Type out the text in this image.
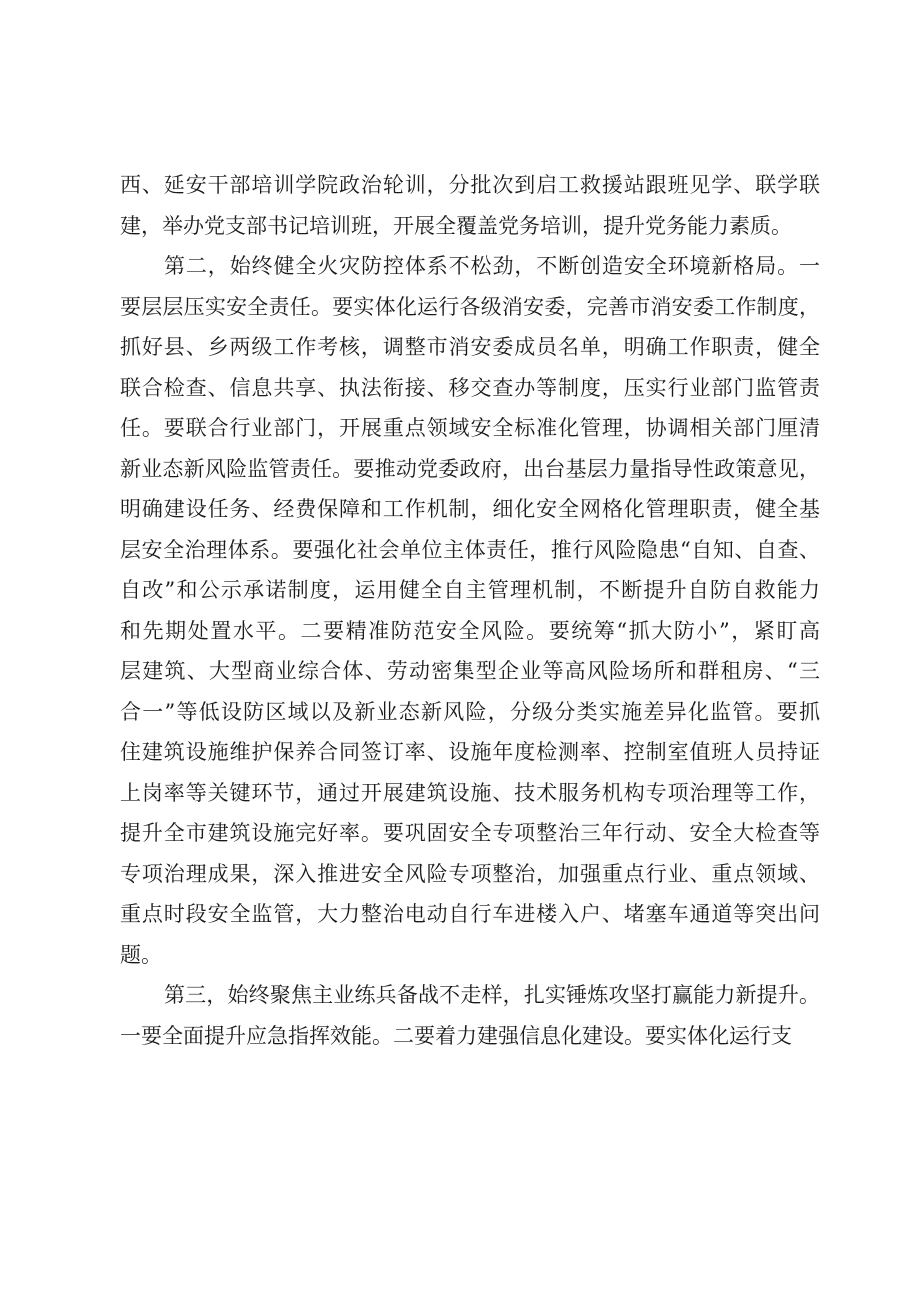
西、延安干部培训学院政治轮训，分批次到启工救援站跟班见学、联学联
建，举办党支部书记培训班，开展全覆盖党务培训，提升党务能力素质。
第二，始终健全火灾防控体系不松劲，不断创造安全环境新格局。一
要层层压实安全责任。要实体化运行各级消安委，完善市消安委工作制度，
抓好县、乡两级工作考核，调整市消安委成员名单，明确工作职责，健全
联合检查、信息共享、执法衔接、移交查办等制度，压实行业部门监管责
任。要联合行业部门，开展重点领域安全标准化管理，协调相关部门厘清
新业态新风险监管责任。要推动党委政府，出台基层力量指导性政策意见，
明确建设任务、经费保障和工作机制，细化安全网格化管理职责，健全基
层安全治理体系。要强化社会单位主体责任，推行风险隐患“自知、自查、
自改”和公示承诺制度，运用健全自主管理机制，不断提升自防自救能力
和先期处置水平。二要精准防范安全风险。要统筹“抓大防小”，紧盯高
层建筑、大型商业综合体、劳动密集型企业等高风险场所和群租房、“三
合一”等低设防区域以及新业态新风险，分级分类实施差异化监管。要抓
住建筑设施维护保养合同签订率、设施年度检测率、控制室值班人员持证
上岗率等关键环节，通过开展建筑设施、技术服务机构专项治理等工作，
提升全市建筑设施完好率。要巩固安全专项整治三年行动、安全大检查等
专项治理成果，深入推进安全风险专项整治，加强重点行业、重点领域、
重点时段安全监管，大力整治电动自行车进楼入户、堵塞车通道等突出问
题。
第三，始终聚焦主业练兵备战不走样，扎实锤炼攻坚打赢能力新提升。
一要全面提升应急指挥效能。二要着力建强信息化建设。要实体化运行支
